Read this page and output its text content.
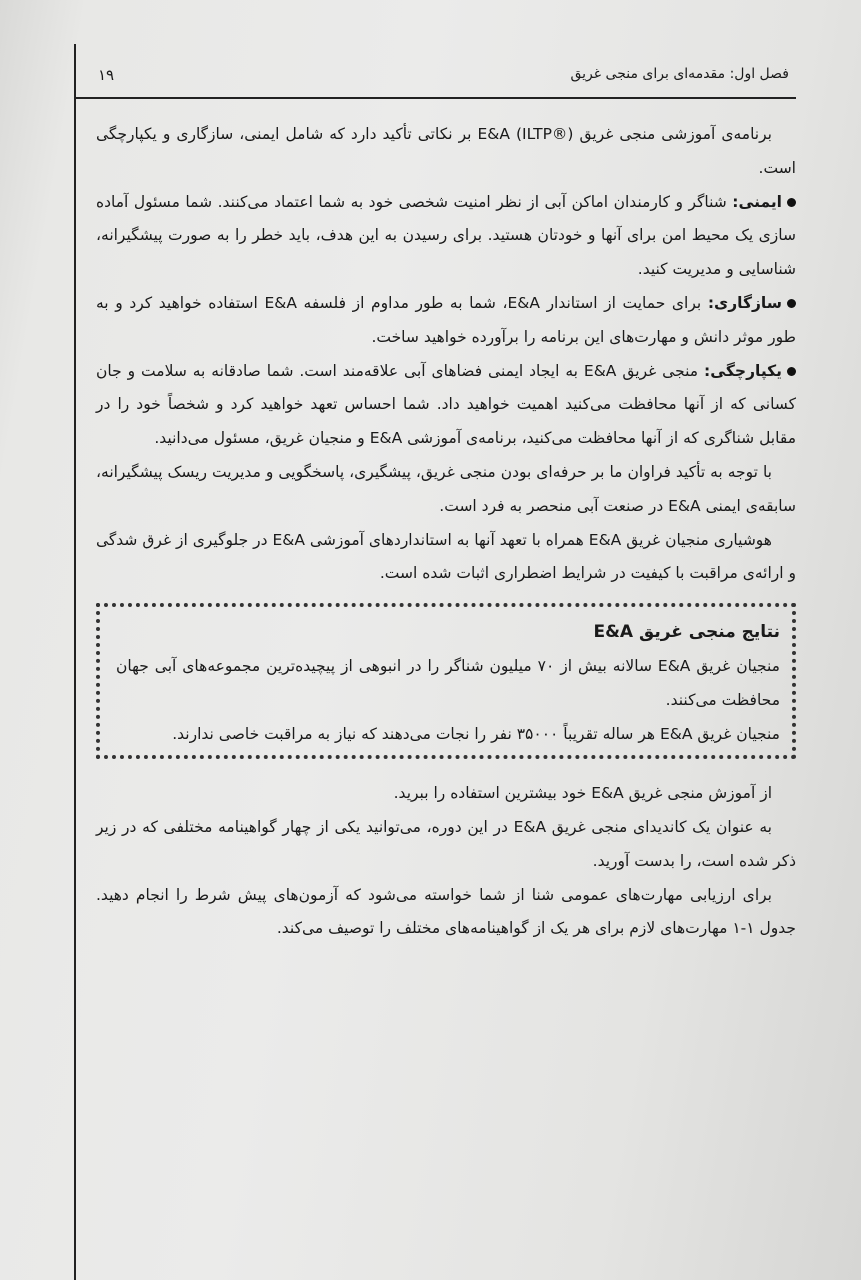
فصل اول: مقدمه‌ای برای منجی غریق
۱۹

برنامه‌ی آموزشی منجی غریق E&A (ILTP®) بر نکاتی تأکید دارد که شامل ایمنی، سازگاری و یکپارچگی است.

ایمنی: شناگر و کارمندان اماکن آبی از نظر امنیت شخصی خود به شما اعتماد می‌کنند. شما مسئول آماده سازی یک محیط امن برای آنها و خودتان هستید. برای رسیدن به این هدف، باید خطر را به صورت پیشگیرانه، شناسایی و مدیریت کنید.

سازگاری: برای حمایت از استاندار E&A، شما به طور مداوم از فلسفه E&A استفاده خواهید کرد و به طور موثر دانش و مهارت‌های این برنامه را برآورده خواهید ساخت.

یکپارچگی: منجی غریق E&A به ایجاد ایمنی فضاهای آبی علاقه‌مند است. شما صادقانه به سلامت و جان کسانی که از آنها محافظت می‌کنید اهمیت خواهید داد. شما احساس تعهد خواهید کرد و شخصاً خود را در مقابل شناگری که از آنها محافظت می‌کنید، برنامه‌ی آموزشی E&A و منجیان غریق، مسئول می‌دانید.

با توجه به تأکید فراوان ما بر حرفه‌ای بودن منجی غریق، پیشگیری، پاسخگویی و مدیریت ریسک پیشگیرانه، سابقه‌ی ایمنی E&A در صنعت آبی منحصر به فرد است.

هوشیاری منجیان غریق E&A همراه با تعهد آنها به استانداردهای آموزشی E&A در جلوگیری از غرق شدگی و ارائه‌ی مراقبت با کیفیت در شرایط اضطراری اثبات شده است.

نتایج منجی غریق E&A

منجیان غریق E&A سالانه بیش از ۷۰ میلیون شناگر را در انبوهی از پیچیده‌ترین مجموعه‌های آبی جهان محافظت می‌کنند.

منجیان غریق E&A هر ساله تقریباً ۳۵۰۰۰ نفر را نجات می‌دهند که نیاز به مراقبت خاصی ندارند.

از آموزش منجی غریق E&A خود بیشترین استفاده را ببرید.

به عنوان یک کاندیدای منجی غریق E&A در این دوره، می‌توانید یکی از چهار گواهینامه مختلفی که در زیر ذکر شده است، را بدست آورید.

برای ارزیابی مهارت‌های عمومی شنا از شما خواسته می‌شود که آزمون‌های پیش شرط را انجام دهید. جدول ۱-۱ مهارت‌های لازم برای هر یک از گواهینامه‌های مختلف را توصیف می‌کند.
